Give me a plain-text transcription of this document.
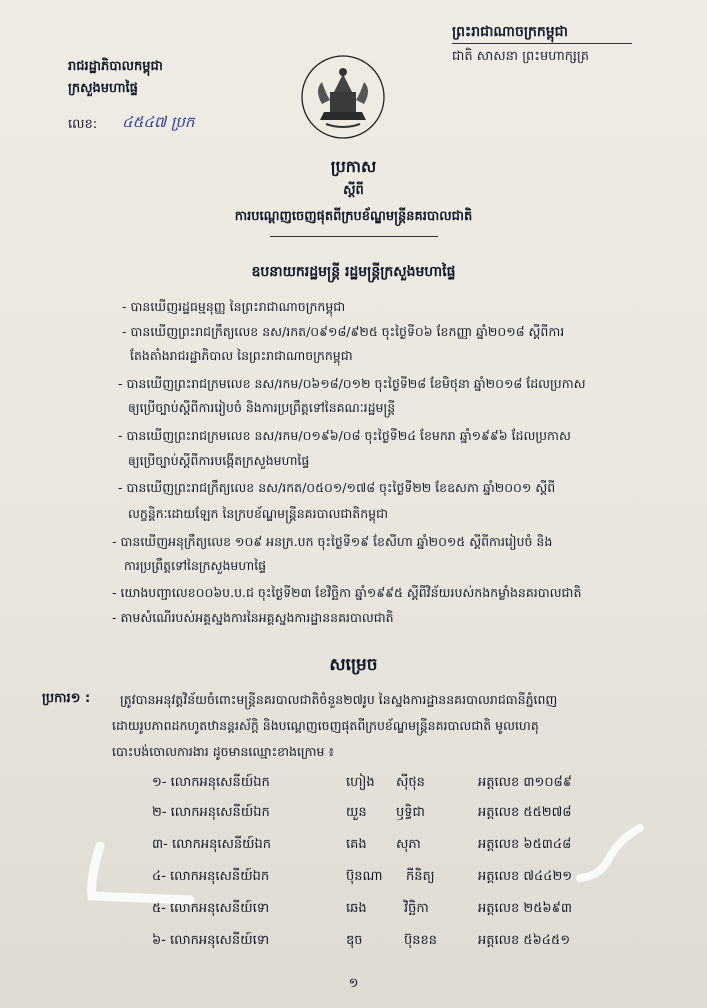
ព្រះរាជាណាចក្រកម្ពុជា
ជាតិ សាសនា ព្រះមហាក្សត្រ
រាជរដ្ឋាភិបាលកម្ពុជា
ក្រសួងមហាផ្ទៃ
លេខ: ៤៥៤៧ ប្រក
ប្រកាស
ស្តីពី
ការបណ្តេញចេញផុតពីក្របខ័ណ្ឌមន្ត្រីនគរបាលជាតិ
ឧបនាយករដ្ឋមន្ត្រី រដ្ឋមន្ត្រីក្រសួងមហាផ្ទៃ
- បានឃើញរដ្ឋធម្មនុញ្ញ នៃព្រះរាជាណាចក្រកម្ពុជា
- បានឃើញព្រះរាជក្រឹត្យលេខ នស/រកត/០៩១៨/៩២៥ ចុះថ្ងៃទី០៦ ខែកញ្ញា ឆ្នាំ២០១៨ ស្តីពីការ
តែងតាំងរាជរដ្ឋាភិបាល នៃព្រះរាជាណាចក្រកម្ពុជា
- បានឃើញព្រះរាជក្រមលេខ នស/រកម/០៦១៨/០១២ ចុះថ្ងៃទី២៨ ខែមិថុនា ឆ្នាំ២០១៨ ដែលប្រកាស
ឲ្យប្រើច្បាប់ស្តីពីការរៀបចំ និងការប្រព្រឹត្តទៅនៃគណៈរដ្ឋមន្ត្រី
- បានឃើញព្រះរាជក្រមលេខ នស/រកម/០១៩៦/០៨ ចុះថ្ងៃទី២៤ ខែមករា ឆ្នាំ១៩៩៦ ដែលប្រកាស
ឲ្យប្រើច្បាប់ស្តីពីការបង្កើតក្រសួងមហាផ្ទៃ
- បានឃើញព្រះរាជក្រឹត្យលេខ នស/រកត/០៥០១/១៧៨ ចុះថ្ងៃទី២២ ខែឧសភា ឆ្នាំ២០០១ ស្តីពី
លក្ខន្តិកៈដោយឡែក នៃក្របខ័ណ្ឌមន្ត្រីនគរបាលជាតិកម្ពុជា
- បានឃើញអនុក្រឹត្យលេខ ១០៩ អនក្រ.បក ចុះថ្ងៃទី១៩ ខែសីហា ឆ្នាំ២០១៥ ស្តីពីការរៀបចំ និង
ការប្រព្រឹត្តទៅនៃក្រសួងមហាផ្ទៃ
- យោងបញ្ជាលេខ០០៦ប.ប.ជ ចុះថ្ងៃទី២៣ ខែវិច្ឆិកា ឆ្នាំ១៩៩៥ ស្តីពីវិន័យរបស់កងកម្លាំងនគរបាលជាតិ
- តាមសំណើរបស់អគ្គស្នងការនៃអគ្គស្នងការដ្ឋាននគរបាលជាតិ
សម្រេច
ប្រការ១ : ត្រូវបានអនុវត្តវិន័យចំពោះមន្ត្រីនគរបាលជាតិចំនួន២៧រូប នៃស្នងការដ្ឋាននគរបាលរាជធានីភ្នំពេញ
ដោយរូបភាពដកហូតឋានន្តរស័ក្តិ និងបណ្តេញចេញផុតពីក្របខ័ណ្ឌមន្ត្រីនគរបាលជាតិ មូលហេតុ
បោះបង់ចោលការងារ ដូចមានឈ្មោះខាងក្រោម ៖
១- លោកអនុសេនីយ៍ឯក	ហៀង ស៊ីថុន	អត្តលេខ ៣១០៨៩
២- លោកអនុសេនីយ៍ឯក	យួន ឫទ្ធិជា	អត្តលេខ ៥៥២៧៨
៣- លោកអនុសេនីយ៍ឯក	គេង សុភា	អត្តលេខ ៦៥៣៤៨
៤- លោកអនុសេនីយ៍ឯក	ប៊ុនណា កីនិត្យ	អត្តលេខ ៧៤៤២១
៥- លោកអនុសេនីយ៍ទោ	ឆេង	វិច្ឆិកា	អត្តលេខ ២៥៦៩៣
៦- លោកអនុសេនីយ៍ទោ	ឌុច	ប៊ុនខន	អត្តលេខ ៥៦៤៥១
១
